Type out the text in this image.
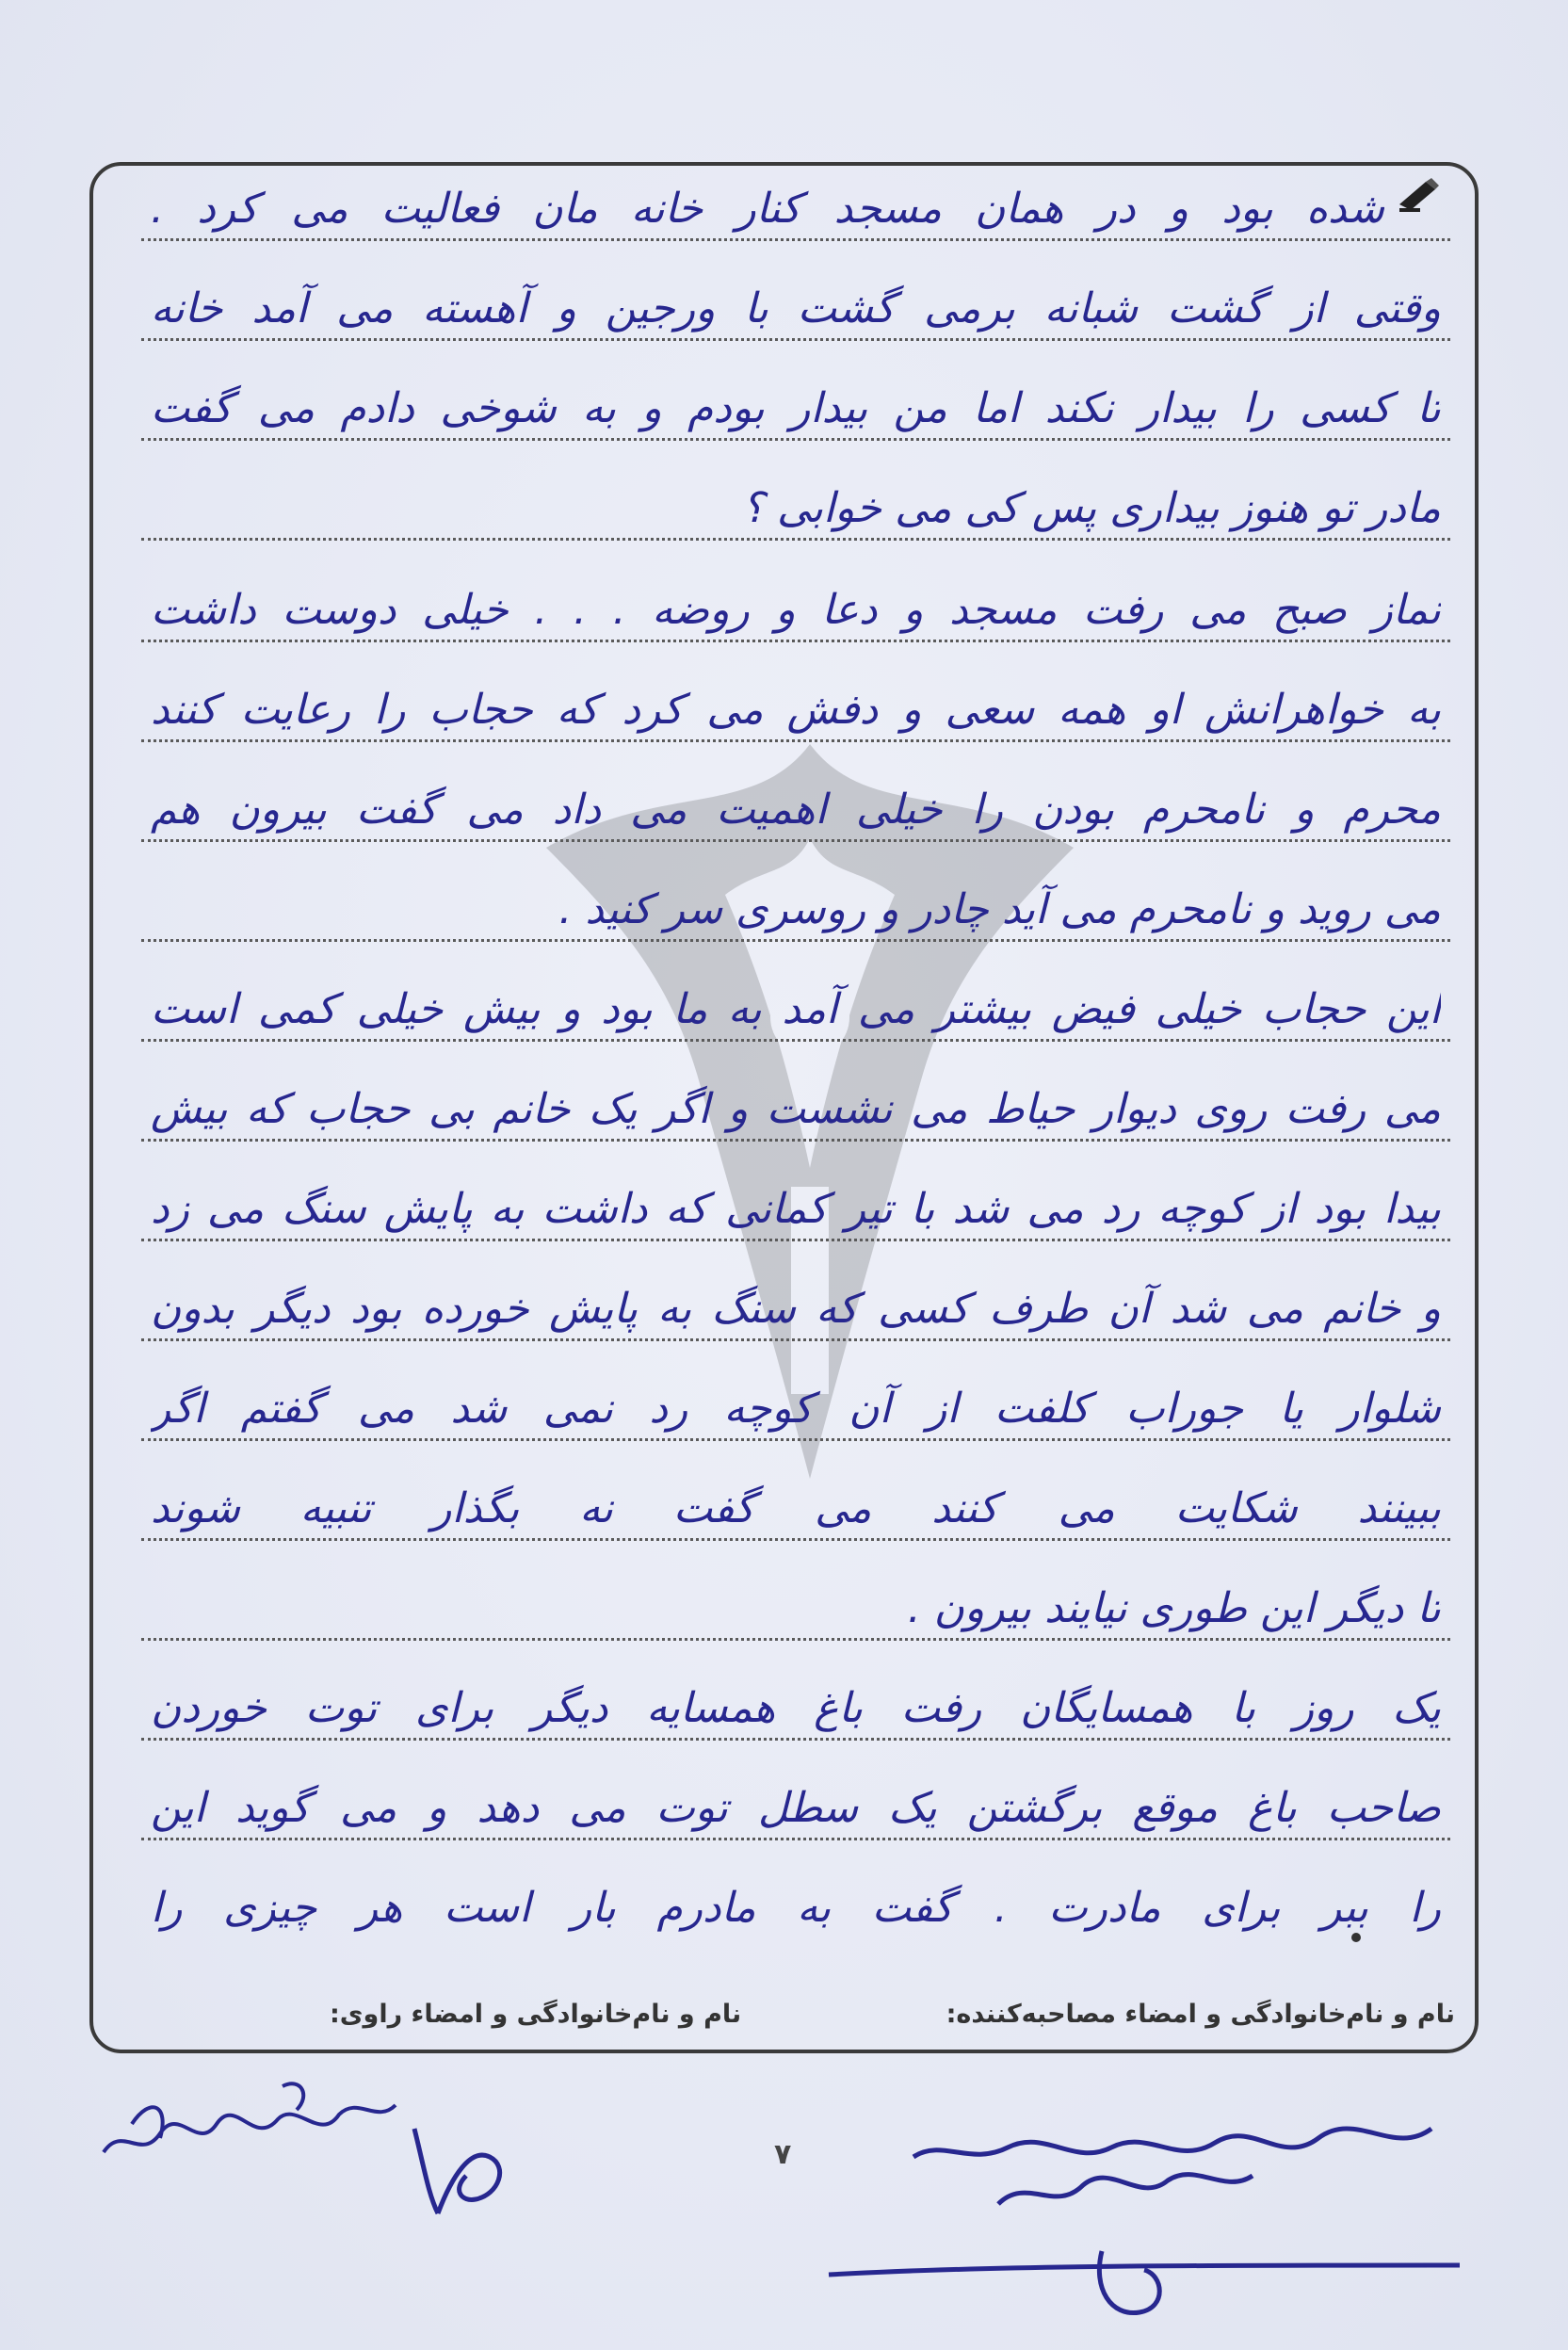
شده بود و در همان مسجد کنار خانه مان فعالیت می کرد .
وقتی از گشت شبانه برمی گشت با ورجین و آهسته می آمد خانه
تا کسی را بیدار نکند اما من بیدار بودم و به شوخی دادم می گفت
مادر تو هنوز بیداری پس کی می خوابی ؟
نماز صبح می رفت مسجد و دعا و روضه . . . خیلی دوست داشت
به خواهرانش او همه سعی و دفش می کرد که حجاب را رعایت کنند
محرم و نامحرم بودن را خیلی اهمیت می داد می گفت بیرون هم
می روید و نامحرم می آید چادر و روسری سر کنید .
این حجاب خیلی فیض بیشتر می آمد به ما بود و بیش خیلی کمی است
می رفت روی دیوار حیاط می نشست و اگر یک خانم بی حجاب که بیش
بیدا بود از کوچه رد می شد با تیر کمانی که داشت به پایش سنگ می زد
و خانم می شد آن طرف کسی که سنگ به پایش خورده بود دیگر بدون
شلوار یا جوراب کلفت از آن کوچه رد نمی شد می گفتم اگر
ببینند شکایت می کنند می گفت نه بگذار تنبیه شوند
تا دیگر این طوری نیایند بیرون .
یک روز با همسایگان رفت باغ همسایه دیگر برای توت خوردن
صاحب باغ موقع برگشتن یک سطل توت می دهد و می گوید این
را ببر برای مادرت . گفت به مادرم بار است هر چیزی را
نام و نام‌خانوادگی و امضاء مصاحبه‌کننده:
نام و نام‌خانوادگی و امضاء راوی:
۷
